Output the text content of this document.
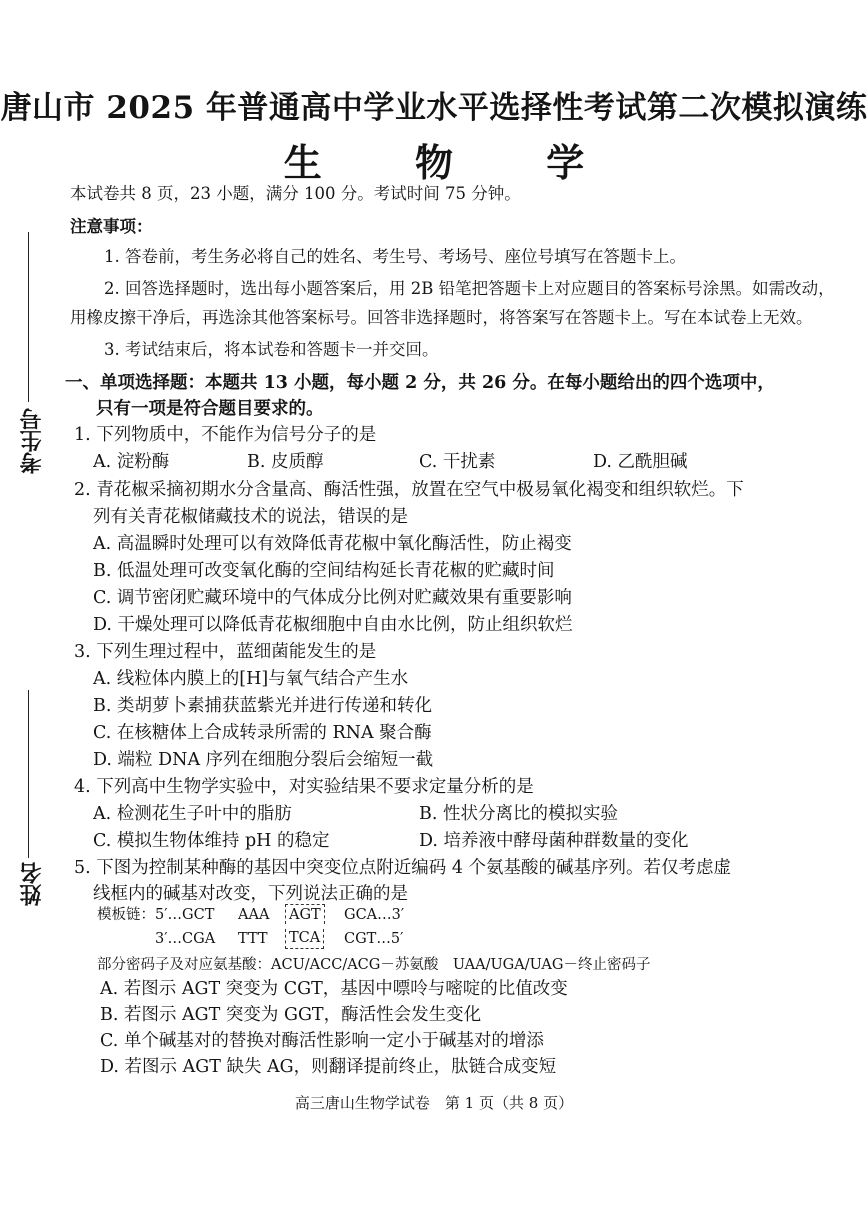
唐山市 2025 年普通高中学业水平选择性考试第二次模拟演练
生 物 学
本试卷共 8 页，23 小题，满分 100 分。考试时间 75 分钟。
注意事项：
1. 答卷前，考生务必将自己的姓名、考生号、考场号、座位号填写在答题卡上。
2. 回答选择题时，选出每小题答案后，用 2B 铅笔把答题卡上对应题目的答案标号涂黑。如需改动，
用橡皮擦干净后，再选涂其他答案标号。回答非选择题时，将答案写在答题卡上。写在本试卷上无效。
3. 考试结束后，将本试卷和答题卡一并交回。
考生号
姓名
一、单项选择题：本题共 13 小题，每小题 2 分，共 26 分。在每小题给出的四个选项中，
只有一项是符合题目要求的。
1. 下列物质中，不能作为信号分子的是
A. 淀粉酶	B. 皮质醇	C. 干扰素	D. 乙酰胆碱
2. 青花椒采摘初期水分含量高、酶活性强，放置在空气中极易氧化褐变和组织软烂。下
列有关青花椒储藏技术的说法，错误的是
A. 高温瞬时处理可以有效降低青花椒中氧化酶活性，防止褐变
B. 低温处理可改变氧化酶的空间结构延长青花椒的贮藏时间
C. 调节密闭贮藏环境中的气体成分比例对贮藏效果有重要影响
D. 干燥处理可以降低青花椒细胞中自由水比例，防止组织软烂
3. 下列生理过程中，蓝细菌能发生的是
A. 线粒体内膜上的[H]与氧气结合产生水
B. 类胡萝卜素捕获蓝紫光并进行传递和转化
C. 在核糖体上合成转录所需的 RNA 聚合酶
D. 端粒 DNA 序列在细胞分裂后会缩短一截
4. 下列高中生物学实验中，对实验结果不要求定量分析的是
A. 检测花生子叶中的脂肪	B. 性状分离比的模拟实验
C. 模拟生物体维持 pH 的稳定	D. 培养液中酵母菌种群数量的变化
5. 下图为控制某种酶的基因中突变位点附近编码 4 个氨基酸的碱基序列。若仅考虑虚
线框内的碱基对改变，下列说法正确的是
模板链：5′…GCT AAA AGT GCA…3′
3′…CGA TTT TCA CGT…5′
部分密码子及对应氨基酸：ACU/ACC/ACG－苏氨酸　UAA/UGA/UAG－终止密码子
A. 若图示 AGT 突变为 CGT，基因中嘌呤与嘧啶的比值改变
B. 若图示 AGT 突变为 GGT，酶活性会发生变化
C. 单个碱基对的替换对酶活性影响一定小于碱基对的增添
D. 若图示 AGT 缺失 AG，则翻译提前终止，肽链合成变短
高三唐山生物学试卷　第 1 页（共 8 页）
